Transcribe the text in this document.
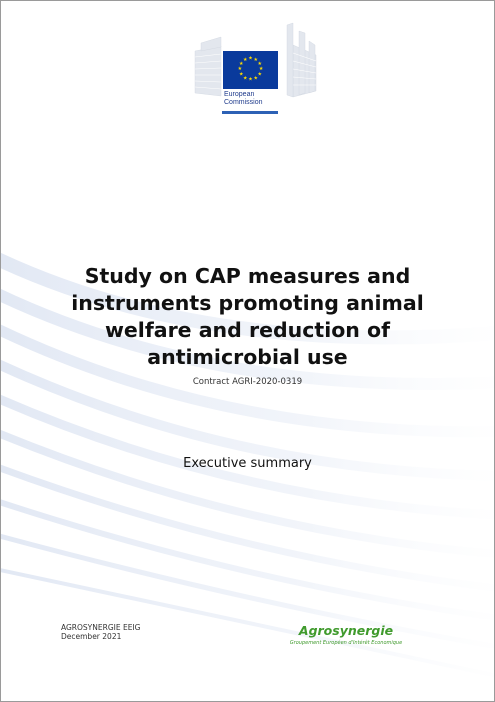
★ ★
★
★
★
★
★
★
★
★
★
★
European
Commission
Study on CAP measures and instruments promoting animal welfare and reduction of antimicrobial use
Contract AGRI-2020-0319
Executive summary
AGROSYNERGIE EEIG
December 2021	Agrosynergie
Groupement Européen d'Intérêt Economique
